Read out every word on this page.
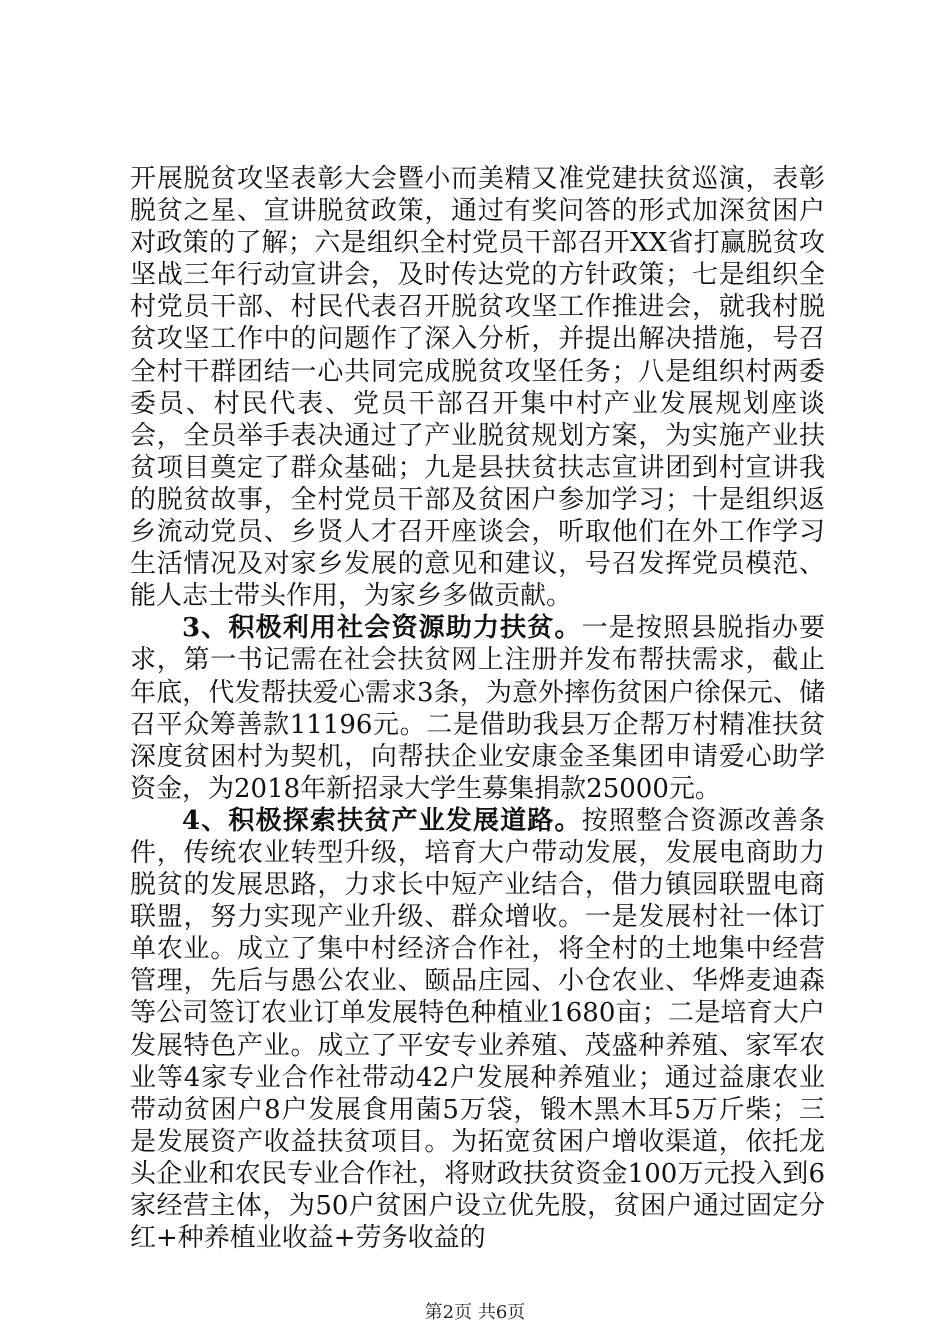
开展脱贫攻坚表彰大会暨小而美精又准党建扶贫巡演，表彰脱贫之星、宣讲脱贫政策，通过有奖问答的形式加深贫困户对政策的了解；六是组织全村党员干部召开XX省打赢脱贫攻坚战三年行动宣讲会，及时传达党的方针政策；七是组织全村党员干部、村民代表召开脱贫攻坚工作推进会，就我村脱贫攻坚工作中的问题作了深入分析，并提出解决措施，号召全村干群团结一心共同完成脱贫攻坚任务；八是组织村两委委员、村民代表、党员干部召开集中村产业发展规划座谈会，全员举手表决通过了产业脱贫规划方案，为实施产业扶贫项目奠定了群众基础；九是县扶贫扶志宣讲团到村宣讲我的脱贫故事，全村党员干部及贫困户参加学习；十是组织返乡流动党员、乡贤人才召开座谈会，听取他们在外工作学习生活情况及对家乡发展的意见和建议，号召发挥党员模范、能人志士带头作用，为家乡多做贡献。

3、积极利用社会资源助力扶贫。一是按照县脱指办要求，第一书记需在社会扶贫网上注册并发布帮扶需求，截止年底，代发帮扶爱心需求3条，为意外摔伤贫困户徐保元、储召平众筹善款11196元。二是借助我县万企帮万村精准扶贫深度贫困村为契机，向帮扶企业安康金圣集团申请爱心助学资金，为2018年新招录大学生募集捐款25000元。

4、积极探索扶贫产业发展道路。按照整合资源改善条件，传统农业转型升级，培育大户带动发展，发展电商助力脱贫的发展思路，力求长中短产业结合，借力镇园联盟电商联盟，努力实现产业升级、群众增收。一是发展村社一体订单农业。成立了集中村经济合作社，将全村的土地集中经营管理，先后与愚公农业、颐品庄园、小仓农业、华烨麦迪森等公司签订农业订单发展特色种植业1680亩；二是培育大户发展特色产业。成立了平安专业养殖、茂盛种养殖、家军农业等4家专业合作社带动42户发展种养殖业；通过益康农业带动贫困户8户发展食用菌5万袋，锻木黑木耳5万斤柴；三是发展资产收益扶贫项目。为拓宽贫困户增收渠道，依托龙头企业和农民专业合作社，将财政扶贫资金100万元投入到6家经营主体，为50户贫困户设立优先股，贫困户通过固定分红+种养植业收益+劳务收益的

第2页 共6页
